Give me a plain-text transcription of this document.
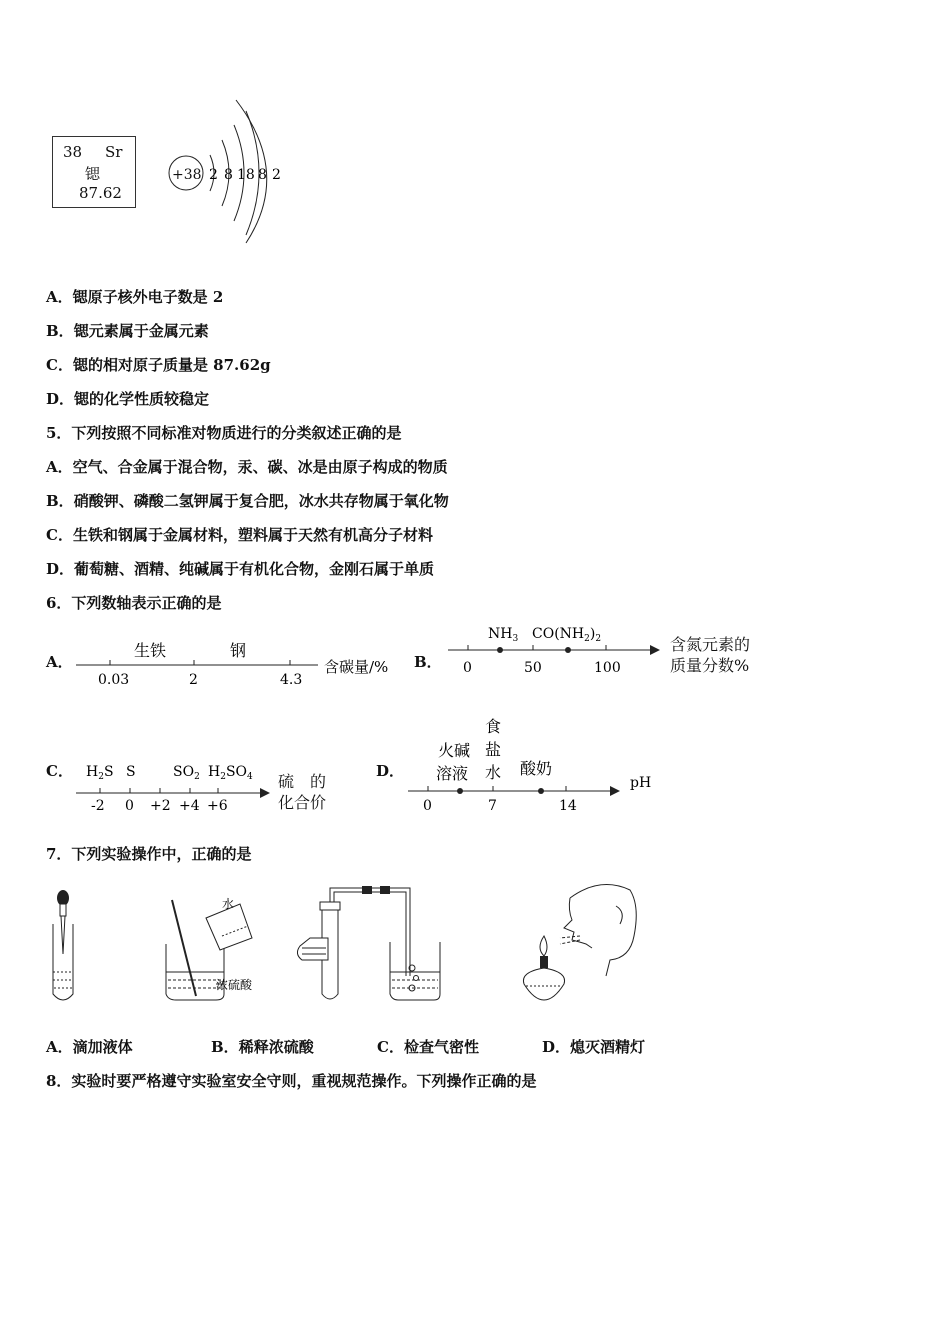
38 Sr
锶
87.62
+38 2 8 18 8 2
A．锶原子核外电子数是 2
B．锶元素属于金属元素
C．锶的相对原子质量是 87.62g
D．锶的化学性质较稳定
5．下列按照不同标准对物质进行的分类叙述正确的是
A．空气、合金属于混合物，汞、碳、冰是由原子构成的物质
B．硝酸钾、磷酸二氢钾属于复合肥，冰水共存物属于氧化物
C．生铁和钢属于金属材料，塑料属于天然有机高分子材料
D．葡萄糖、酒精、纯碱属于有机化合物，金刚石属于单质
6．下列数轴表示正确的是
A．
生铁	钢
0.03	2	4.3
含碳量/% B．
$NH_3$ $CO(NH_2)_2$
0	50	100
含氮元素的
质量分数%
C． $H_2S$ S	$SO_2$ $H_2SO_4$
-2 0 +2 +4 +6
硫　的
化合价
D．
火碱
溶液
食
盐
水 酸奶
0	7	14
pH
7．下列实验操作中，正确的是
水
浓硫酸
A．滴加液体	B．稀释浓硫酸	C．检查气密性	D．熄灭酒精灯
8．实验时要严格遵守实验室安全守则，重视规范操作。下列操作正确的是
